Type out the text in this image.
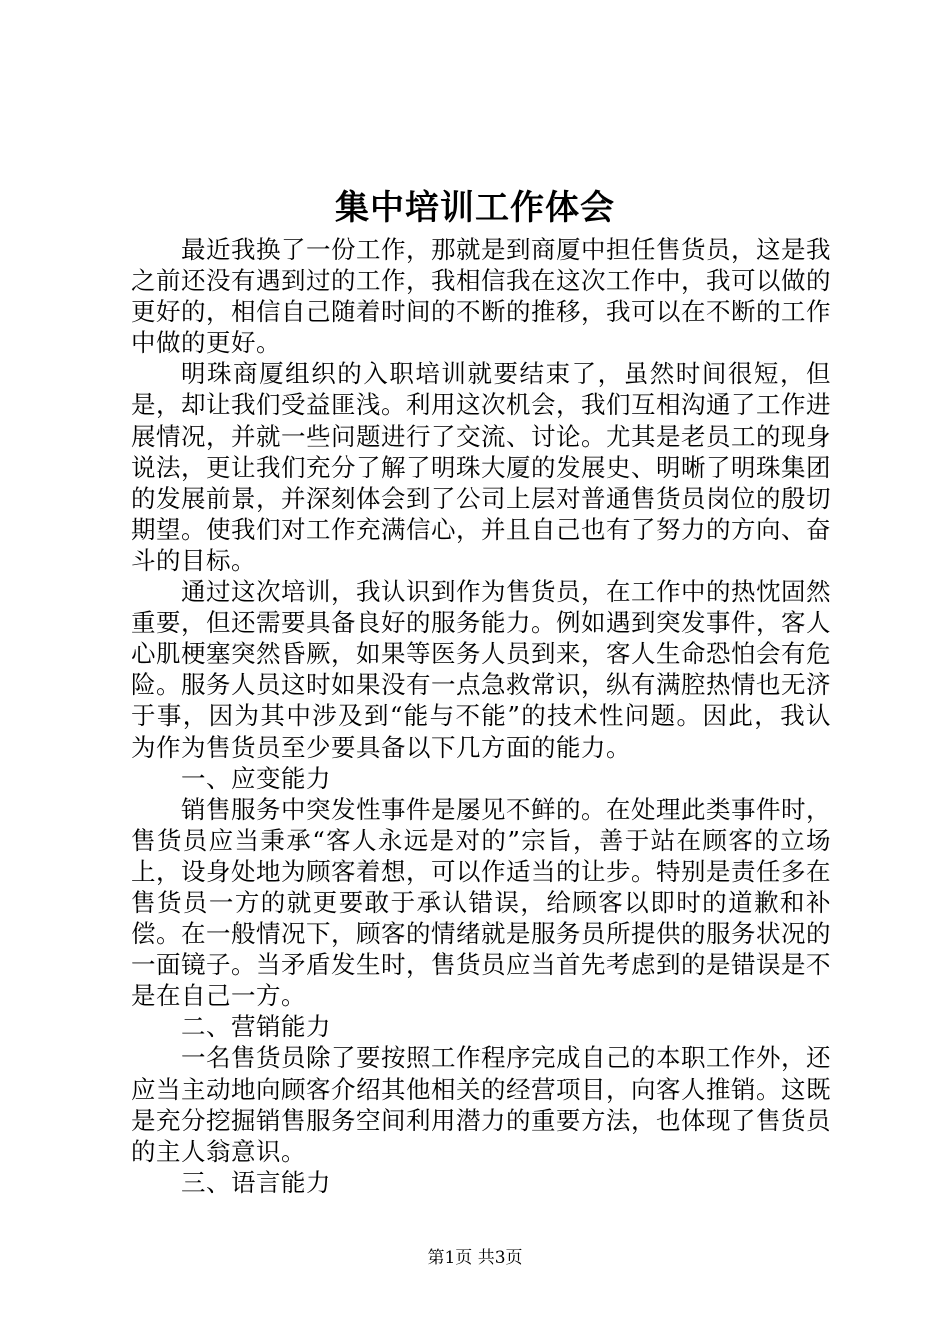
集中培训工作体会

最近我换了一份工作，那就是到商厦中担任售货员，这是我之前还没有遇到过的工作，我相信我在这次工作中，我可以做的更好的，相信自己随着时间的不断的推移，我可以在不断的工作中做的更好。

明珠商厦组织的入职培训就要结束了，虽然时间很短，但是，却让我们受益匪浅。利用这次机会，我们互相沟通了工作进展情况，并就一些问题进行了交流、讨论。尤其是老员工的现身说法，更让我们充分了解了明珠大厦的发展史、明晰了明珠集团的发展前景，并深刻体会到了公司上层对普通售货员岗位的殷切期望。使我们对工作充满信心，并且自己也有了努力的方向、奋斗的目标。

通过这次培训，我认识到作为售货员，在工作中的热忱固然重要，但还需要具备良好的服务能力。例如遇到突发事件，客人心肌梗塞突然昏厥，如果等医务人员到来，客人生命恐怕会有危险。服务人员这时如果没有一点急救常识，纵有满腔热情也无济于事，因为其中涉及到“能与不能”的技术性问题。因此，我认为作为售货员至少要具备以下几方面的能力。

一、应变能力

销售服务中突发性事件是屡见不鲜的。在处理此类事件时，售货员应当秉承“客人永远是对的”宗旨，善于站在顾客的立场上，设身处地为顾客着想，可以作适当的让步。特别是责任多在售货员一方的就更要敢于承认错误，给顾客以即时的道歉和补偿。在一般情况下，顾客的情绪就是服务员所提供的服务状况的一面镜子。当矛盾发生时，售货员应当首先考虑到的是错误是不是在自己一方。

二、营销能力

一名售货员除了要按照工作程序完成自己的本职工作外，还应当主动地向顾客介绍其他相关的经营项目，向客人推销。这既是充分挖掘销售服务空间利用潜力的重要方法，也体现了售货员的主人翁意识。

三、语言能力

第1页 共3页
